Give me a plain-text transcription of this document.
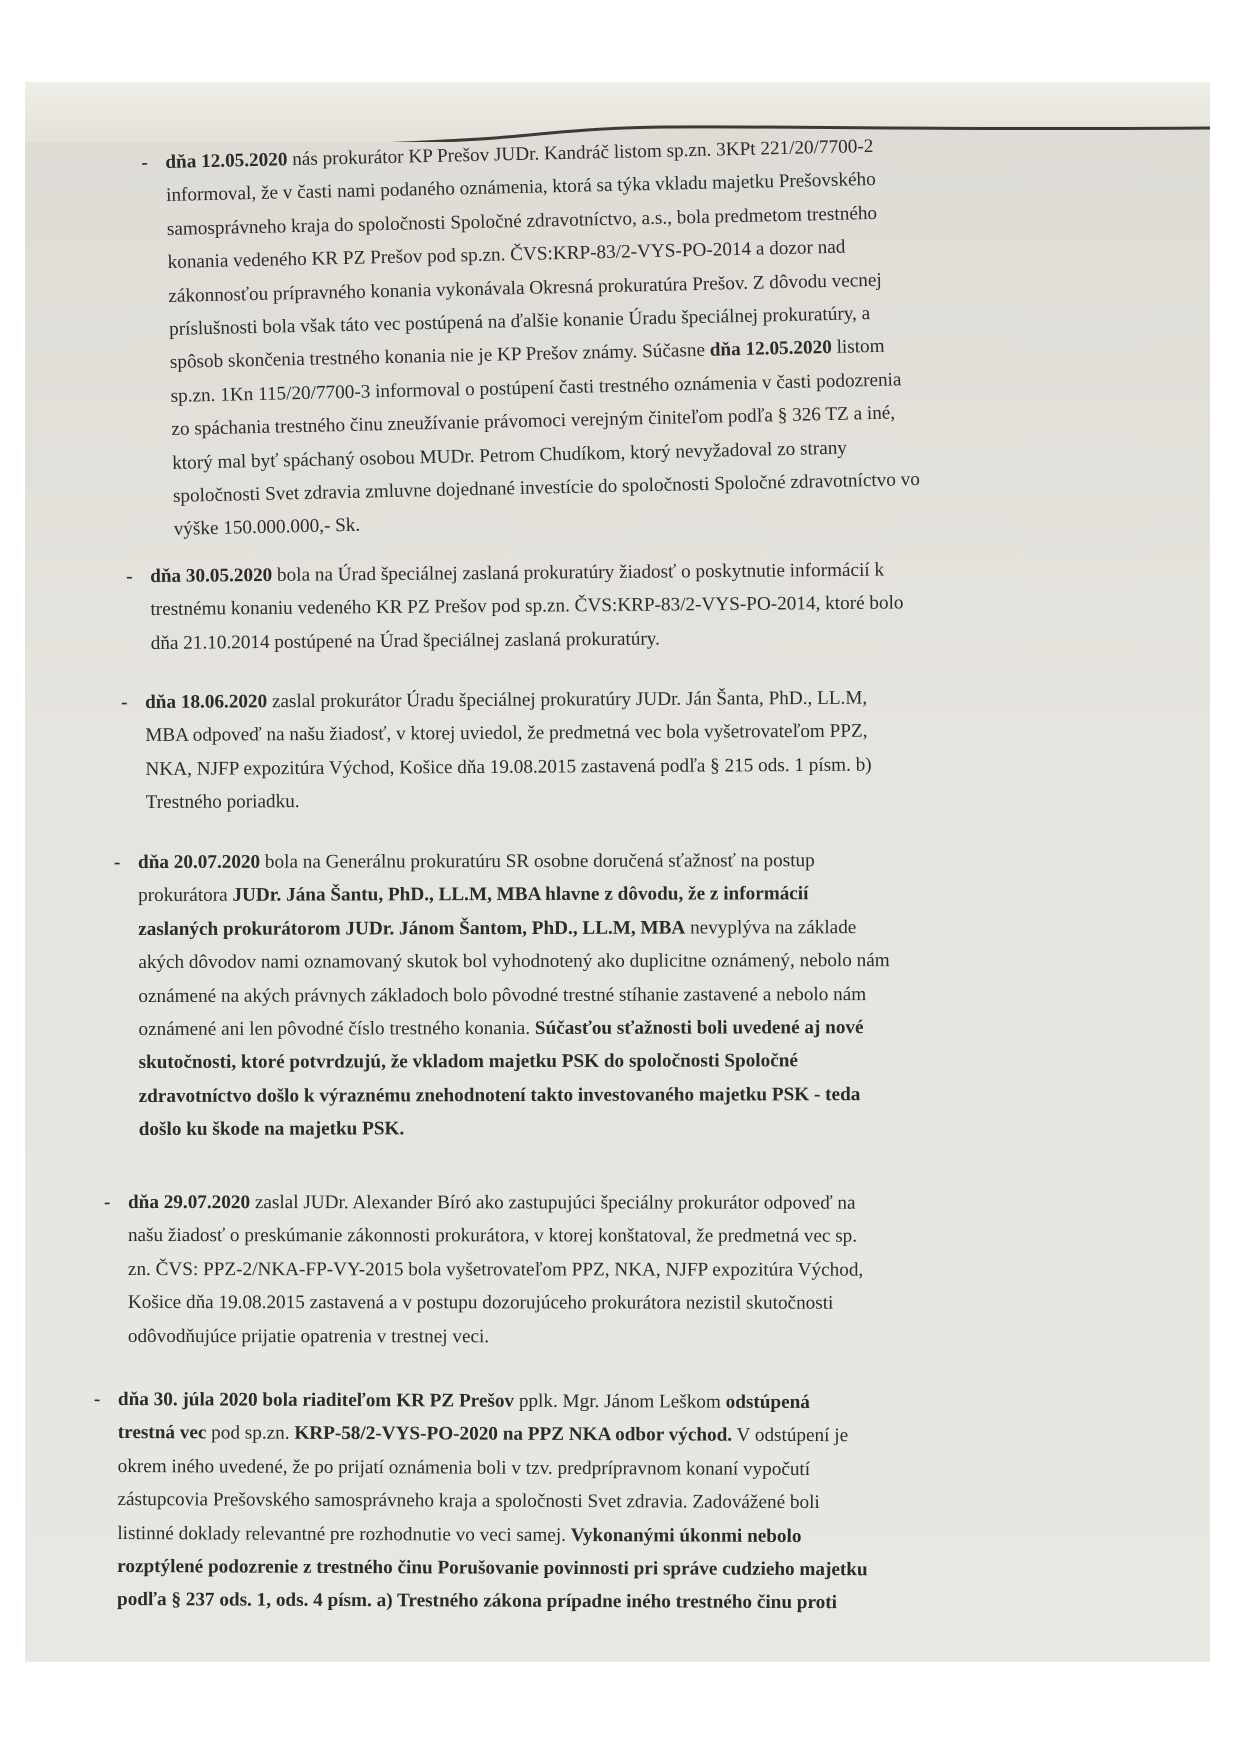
- dňa 12.05.2020 nás prokurátor KP Prešov JUDr. Kandráč listom sp.zn. 3KPt 221/20/7700-2

informoval, že v časti nami podaného oznámenia, ktorá sa týka vkladu majetku Prešovského

samosprávneho kraja do spoločnosti Spoločné zdravotníctvo, a.s., bola predmetom trestného

konania vedeného KR PZ Prešov pod sp.zn. ČVS:KRP-83/2-VYS-PO-2014 a dozor nad

zákonnosťou prípravného konania vykonávala Okresná prokuratúra Prešov. Z dôvodu vecnej

príslušnosti bola však táto vec postúpená na ďalšie konanie Úradu špeciálnej prokuratúry, a

spôsob skončenia trestného konania nie je KP Prešov známy. Súčasne dňa 12.05.2020 listom

sp.zn. 1Kn 115/20/7700-3 informoval o postúpení časti trestného oznámenia v časti podozrenia

zo spáchania trestného činu zneužívanie právomoci verejným činiteľom podľa § 326 TZ a iné,

ktorý mal byť spáchaný osobou MUDr. Petrom Chudíkom, ktorý nevyžadoval zo strany

spoločnosti Svet zdravia zmluvne dojednané investície do spoločnosti Spoločné zdravotníctvo vo

výške 150.000.000,- Sk.

- dňa 30.05.2020 bola na Úrad špeciálnej zaslaná prokuratúry žiadosť o poskytnutie informácií k

trestnému konaniu vedeného KR PZ Prešov pod sp.zn. ČVS:KRP-83/2-VYS-PO-2014, ktoré bolo

dňa 21.10.2014 postúpené na Úrad špeciálnej zaslaná prokuratúry.

- dňa 18.06.2020 zaslal prokurátor Úradu špeciálnej prokuratúry JUDr. Ján Šanta, PhD., LL.M,

MBA odpoveď na našu žiadosť, v ktorej uviedol, že predmetná vec bola vyšetrovateľom PPZ,

NKA, NJFP expozitúra Východ, Košice dňa 19.08.2015 zastavená podľa § 215 ods. 1 písm. b)

Trestného poriadku.

- dňa 20.07.2020 bola na Generálnu prokuratúru SR osobne doručená sťažnosť na postup

prokurátora JUDr. Jána Šantu, PhD., LL.M, MBA hlavne z dôvodu, že z informácií

zaslaných prokurátorom JUDr. Jánom Šantom, PhD., LL.M, MBA nevyplýva na základe

akých dôvodov nami oznamovaný skutok bol vyhodnotený ako duplicitne oznámený, nebolo nám

oznámené na akých právnych základoch bolo pôvodné trestné stíhanie zastavené a nebolo nám

oznámené ani len pôvodné číslo trestného konania. Súčasťou sťažnosti boli uvedené aj nové

skutočnosti, ktoré potvrdzujú, že vkladom majetku PSK do spoločnosti Spoločné

zdravotníctvo došlo k výraznému znehodnotení takto investovaného majetku PSK - teda

došlo ku škode na majetku PSK.

- dňa 29.07.2020 zaslal JUDr. Alexander Bíró ako zastupujúci špeciálny prokurátor odpoveď na

našu žiadosť o preskúmanie zákonnosti prokurátora, v ktorej konštatoval, že predmetná vec sp.

zn. ČVS: PPZ-2/NKA-FP-VY-2015 bola vyšetrovateľom PPZ, NKA, NJFP expozitúra Východ,

Košice dňa 19.08.2015 zastavená a v postupu dozorujúceho prokurátora nezistil skutočnosti

odôvodňujúce prijatie opatrenia v trestnej veci.

- dňa 30. júla 2020 bola riaditeľom KR PZ Prešov pplk. Mgr. Jánom Leškom odstúpená

trestná vec pod sp.zn. KRP-58/2-VYS-PO-2020 na PPZ NKA odbor východ. V odstúpení je

okrem iného uvedené, že po prijatí oznámenia boli v tzv. predprípravnom konaní vypočutí

zástupcovia Prešovského samosprávneho kraja a spoločnosti Svet zdravia. Zadovážené boli

listinné doklady relevantné pre rozhodnutie vo veci samej. Vykonanými úkonmi nebolo

rozptýlené podozrenie z trestného činu Porušovanie povinnosti pri správe cudzieho majetku

podľa § 237 ods. 1, ods. 4 písm. a) Trestného zákona prípadne iného trestného činu proti
